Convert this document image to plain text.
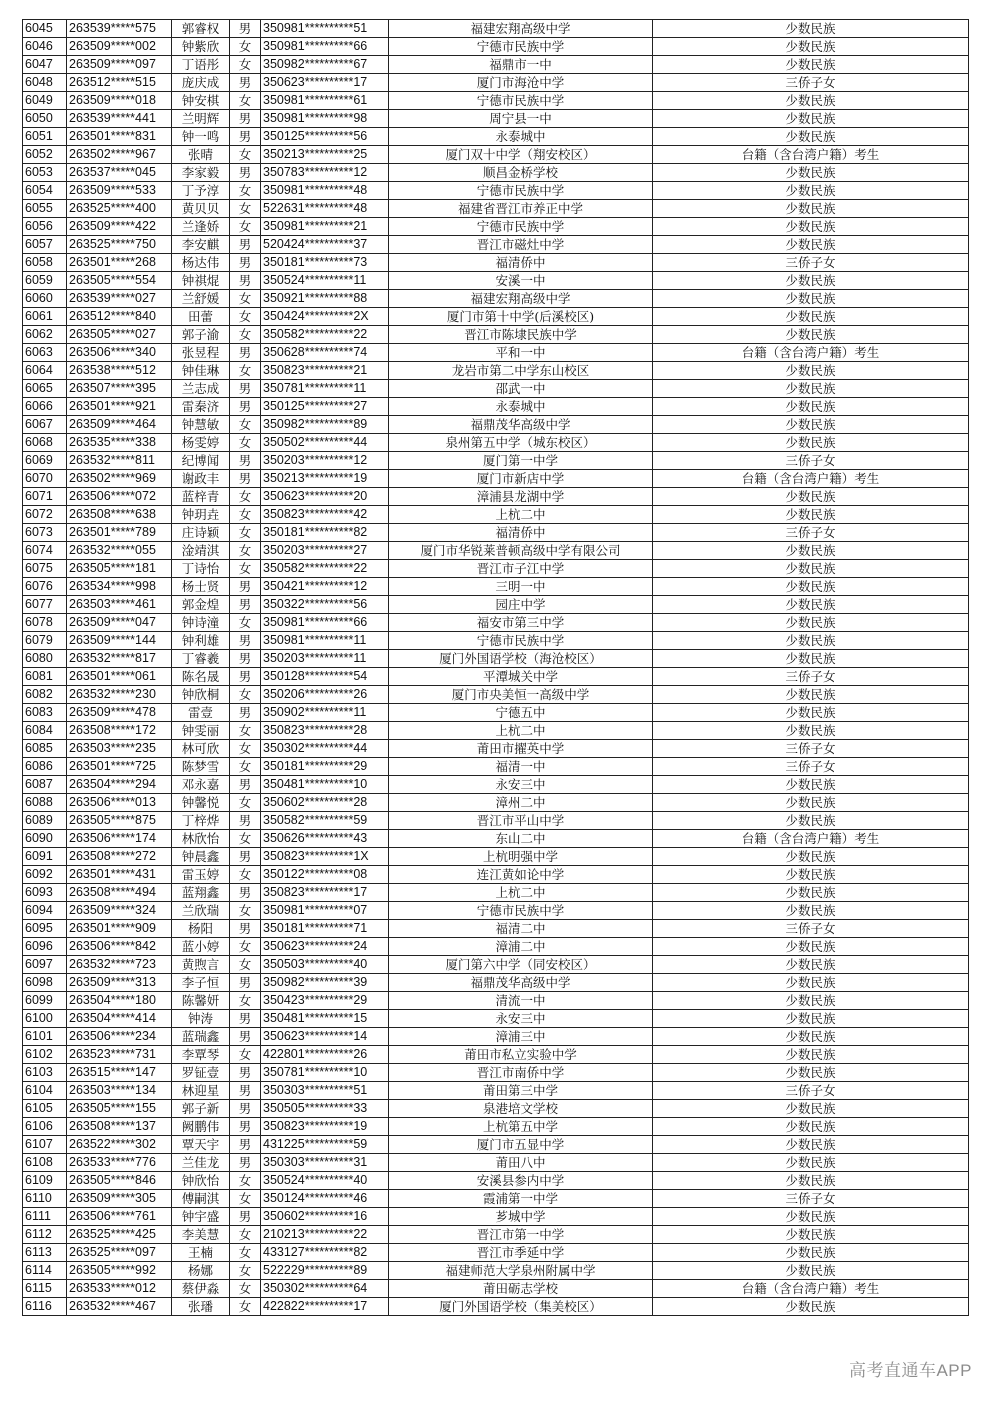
6045	263539*****575	郭睿权	男	350981**********51	福建宏翔高级中学	少数民族
6046	263509*****002	钟紫欣	女	350981**********66	宁德市民族中学	少数民族
6047	263509*****097	丁语彤	女	350982**********67	福鼎市一中	少数民族
6048	263512*****515	庞庆成	男	350623**********17	厦门市海沧中学	三侨子女
6049	263509*****018	钟安棋	女	350981**********61	宁德市民族中学	少数民族
6050	263539*****441	兰明辉	男	350981**********98	周宁县一中	少数民族
6051	263501*****831	钟一鸣	男	350125**********56	永泰城中	少数民族
6052	263502*****967	张晴	女	350213**********25	厦门双十中学（翔安校区）	台籍（含台湾户籍）考生
6053	263537*****045	李家毅	男	350783**********12	顺昌金桥学校	少数民族
6054	263509*****533	丁予淳	女	350981**********48	宁德市民族中学	少数民族
6055	263525*****400	黄贝贝	女	522631**********48	福建省晋江市养正中学	少数民族
6056	263509*****422	兰逢娇	女	350981**********21	宁德市民族中学	少数民族
6057	263525*****750	李安麒	男	520424**********37	晋江市磁灶中学	少数民族
6058	263501*****268	杨达伟	男	350181**********73	福清侨中	三侨子女
6059	263505*****554	钟祺焜	男	350524**********11	安溪一中	少数民族
6060	263539*****027	兰舒媛	女	350921**********88	福建宏翔高级中学	少数民族
6061	263512*****840	田蕾	女	350424**********2X	厦门市第十中学(后溪校区)	少数民族
6062	263505*****027	郭子渝	女	350582**********22	晋江市陈埭民族中学	少数民族
6063	263506*****340	张昱程	男	350628**********74	平和一中	台籍（含台湾户籍）考生
6064	263538*****512	钟佳琳	女	350823**********21	龙岩市第二中学东山校区	少数民族
6065	263507*****395	兰志成	男	350781**********11	邵武一中	少数民族
6066	263501*****921	雷秦济	男	350125**********27	永泰城中	少数民族
6067	263509*****464	钟慧敏	女	350982**********89	福鼎茂华高级中学	少数民族
6068	263535*****338	杨雯婷	女	350502**********44	泉州第五中学（城东校区）	少数民族
6069	263532*****811	纪博闻	男	350203**********12	厦门第一中学	三侨子女
6070	263502*****969	谢政丰	男	350213**********19	厦门市新店中学	台籍（含台湾户籍）考生
6071	263506*****072	蓝梓青	女	350623**********20	漳浦县龙湖中学	少数民族
6072	263508*****638	钟玥垚	女	350823**********42	上杭二中	少数民族
6073	263501*****789	庄诗颖	女	350181**********82	福清侨中	三侨子女
6074	263532*****055	淦靖淇	女	350203**********27	厦门市华锐莱普顿高级中学有限公司	少数民族
6075	263505*****181	丁诗怡	女	350582**********22	晋江市子江中学	少数民族
6076	263534*****998	杨士贤	男	350421**********12	三明一中	少数民族
6077	263503*****461	郭金煌	男	350322**********56	园庄中学	少数民族
6078	263509*****047	钟诗潼	女	350981**********66	福安市第三中学	少数民族
6079	263509*****144	钟利雄	男	350981**********11	宁德市民族中学	少数民族
6080	263532*****817	丁睿羲	男	350203**********11	厦门外国语学校（海沧校区）	少数民族
6081	263501*****061	陈名晟	男	350128**********54	平潭城关中学	三侨子女
6082	263532*****230	钟欣桐	女	350206**********26	厦门市央美恒一高级中学	少数民族
6083	263509*****478	雷壹	男	350902**********11	宁德五中	少数民族
6084	263508*****172	钟雯丽	女	350823**********28	上杭二中	少数民族
6085	263503*****235	林可欣	女	350302**********44	莆田市擢英中学	三侨子女
6086	263501*****725	陈梦雪	女	350181**********29	福清一中	三侨子女
6087	263504*****294	邓永嘉	男	350481**********10	永安三中	少数民族
6088	263506*****013	钟馨悦	女	350602**********28	漳州二中	少数民族
6089	263505*****875	丁梓烨	男	350582**********59	晋江市平山中学	少数民族
6090	263506*****174	林欣怡	女	350626**********43	东山二中	台籍（含台湾户籍）考生
6091	263508*****272	钟晨鑫	男	350823**********1X	上杭明强中学	少数民族
6092	263501*****431	雷玉婷	女	350122**********08	连江黄如论中学	少数民族
6093	263508*****494	蓝翔鑫	男	350823**********17	上杭二中	少数民族
6094	263509*****324	兰欣瑞	女	350981**********07	宁德市民族中学	少数民族
6095	263501*****909	杨阳	男	350181**********71	福清二中	三侨子女
6096	263506*****842	蓝小婷	女	350623**********24	漳浦二中	少数民族
6097	263532*****723	黄煦言	女	350503**********40	厦门第六中学（同安校区）	少数民族
6098	263509*****313	李子恒	男	350982**********39	福鼎茂华高级中学	少数民族
6099	263504*****180	陈馨妍	女	350423**********29	清流一中	少数民族
6100	263504*****414	钟涛	男	350481**********15	永安三中	少数民族
6101	263506*****234	蓝瑞鑫	男	350623**********14	漳浦三中	少数民族
6102	263523*****731	李覃琴	女	422801**********26	莆田市私立实验中学	少数民族
6103	263515*****147	罗钲壹	男	350781**********10	晋江市南侨中学	少数民族
6104	263503*****134	林迎星	男	350303**********51	莆田第三中学	三侨子女
6105	263505*****155	郭子新	男	350505**********33	泉港培文学校	少数民族
6106	263508*****137	阙鹏伟	男	350823**********19	上杭第五中学	少数民族
6107	263522*****302	覃天宇	男	431225**********59	厦门市五显中学	少数民族
6108	263533*****776	兰佳龙	男	350303**********31	莆田八中	少数民族
6109	263505*****846	钟欣怡	女	350524**********40	安溪县参内中学	少数民族
6110	263509*****305	傅嗣淇	女	350124**********46	霞浦第一中学	三侨子女
6111	263506*****761	钟宇盛	男	350602**********16	芗城中学	少数民族
6112	263525*****425	李美慧	女	210213**********22	晋江市第一中学	少数民族
6113	263525*****097	王楠	女	433127**********82	晋江市季延中学	少数民族
6114	263505*****992	杨娜	女	522229**********89	福建师范大学泉州附属中学	少数民族
6115	263533*****012	蔡伊淼	女	350302**********64	莆田砺志学校	台籍（含台湾户籍）考生
6116	263532*****467	张璠	女	422822**********17	厦门外国语学校（集美校区）	少数民族
高考直通车APP
